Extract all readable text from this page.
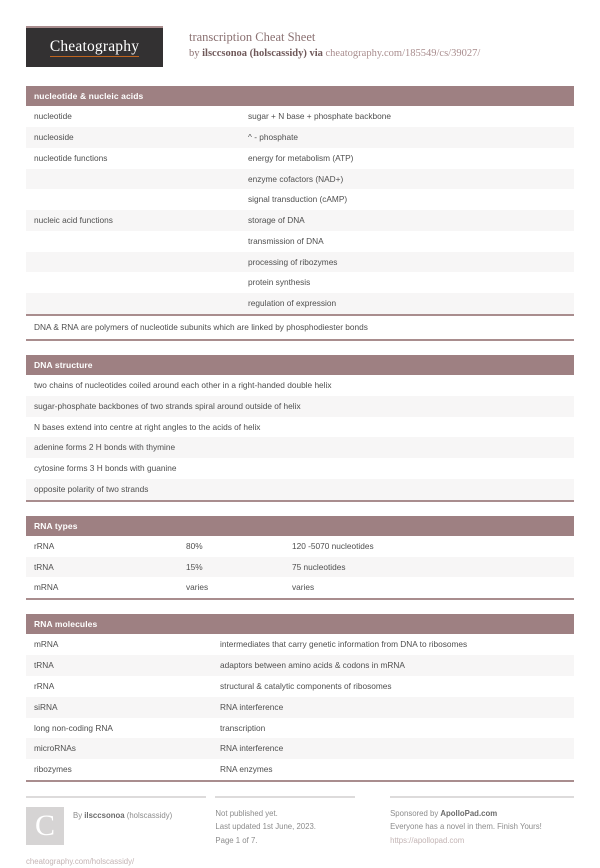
Cheatography
transcription Cheat Sheet
by ilsccsonoa (holscassidy) via cheatography.com/185549/cs/39027/
nucleotide & nucleic acids
nucleotide	sugar + N base + phosphate backbone
nucleoside	^ - phosphate
nucleotide functions	energy for metabolism (ATP)
	enzyme cofactors (NAD+)
	signal transduction (cAMP)
nucleic acid functions	storage of DNA
	transmission of DNA
	processing of ribozymes
	protein synthesis
	regulation of expression
DNA & RNA are polymers of nucleotide subunits which are linked by phosphodiester bonds
DNA structure
two chains of nucleotides coiled around each other in a right-handed double helix
sugar-phosphate backbones of two strands spiral around outside of helix
N bases extend into centre at right angles to the acids of helix
adenine forms 2 H bonds with thymine
cytosine forms 3 H bonds with guanine
opposite polarity of two strands
RNA types
rRNA	80%	120 -5070 nucleotides
tRNA	15%	75 nucleotides
mRNA	varies	varies
RNA molecules
mRNA	intermediates that carry genetic information from DNA to ribosomes
tRNA	adaptors between amino acids & codons in mRNA
rRNA	structural & catalytic components of ribosomes
siRNA	RNA interference
long non-coding RNA	transcription
microRNAs	RNA interference
ribozymes	RNA enzymes
C	By ilsccsonoa (holscassidy)
cheatography.com/holscassidy/
Not published yet.
Last updated 1st June, 2023.
Page 1 of 7.
Sponsored by ApolloPad.com
Everyone has a novel in them. Finish Yours!
https://apollopad.com
